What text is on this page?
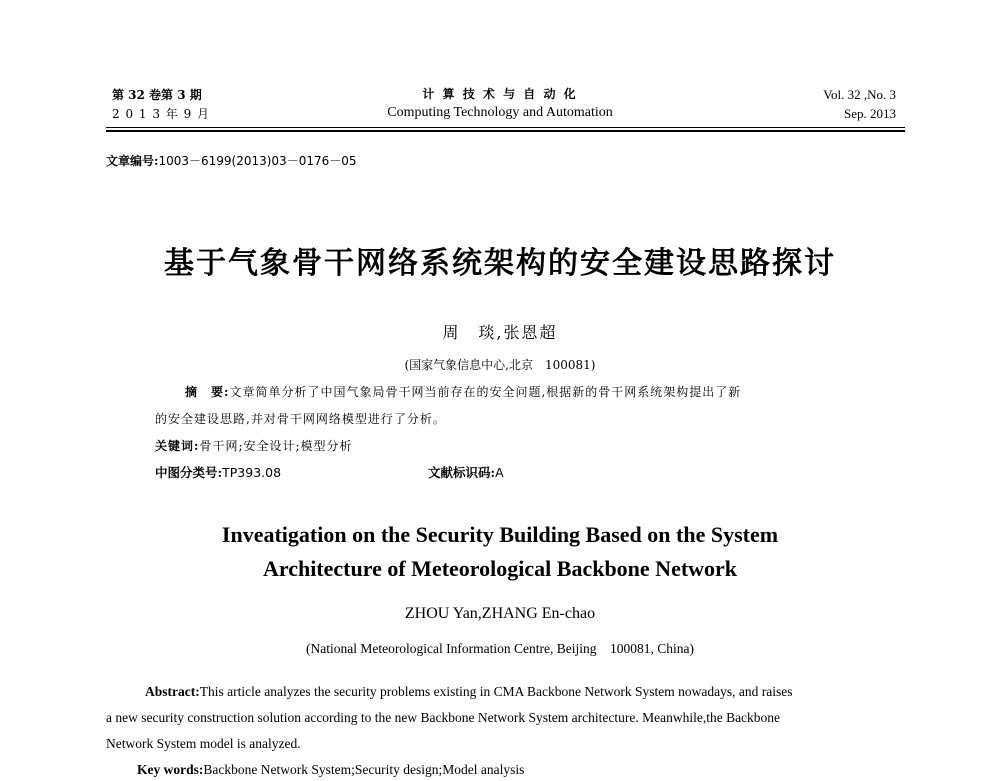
第 32 卷第 3 期
2 0 1 3 年 9 月
计 算 技 术 与 自 动 化
Computing Technology and Automation
Vol. 32 ,No. 3
Sep. 2013
文章编号:1003－6199(2013)03－0176－05
基于气象骨干网络系统架构的安全建设思路探讨
周　琰,张恩超
(国家气象信息中心,北京　100081)
摘　要:文章简单分析了中国气象局骨干网当前存在的安全问题,根据新的骨干网系统架构提出了新
的安全建设思路,并对骨干网网络模型进行了分析。
关键词:骨干网;安全设计;模型分析
中图分类号:TP393.08	文献标识码:A
Inveatigation on the Security Building Based on the System
Architecture of Meteorological Backbone Network
ZHOU Yan,ZHANG En-chao
(National Meteorological Information Centre, Beijing　100081, China)
Abstract:This article analyzes the security problems existing in CMA Backbone Network System nowadays, and raises
a new security construction solution according to the new Backbone Network System architecture. Meanwhile,the Backbone
Network System model is analyzed.
Key words:Backbone Network System;Security design;Model analysis
